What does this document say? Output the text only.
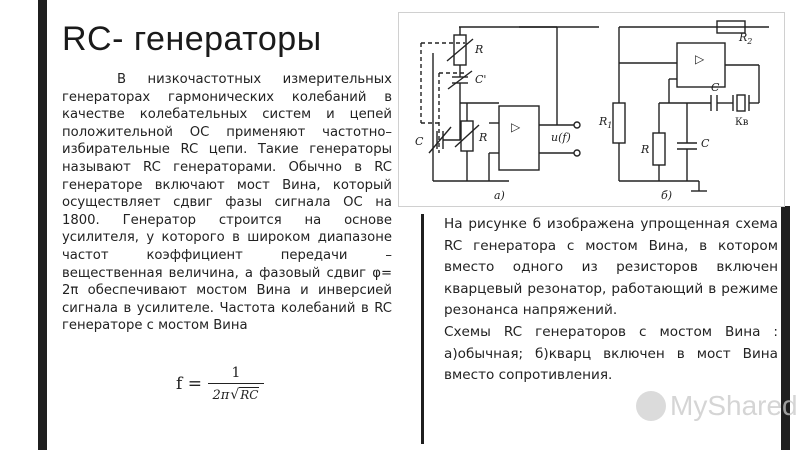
RC- генераторы
В низкочастотных измерительных генераторах гармонических колебаний в качестве колебательных систем и цепей положительной ОС применяют частотно– избирательные RC цепи. Такие генераторы называют RC генераторами. Обычно в RC генераторе включают мост Вина, который осуществляет сдвиг фазы сигнала ОС на 1800. Генератор строится на основе усилителя, у которого в широком диапазоне частот коэффициент передачи – вещественная величина, а фазовый сдвиг φ= 2π обеспечивают мостом Вина и инверсией сигнала в усилителе. Частота колебаний в RC генераторе с мостом Вина
$f = \frac{1}{2\pi √ RC}$
R
C'
R
C	u(f)
а)
$R_1$
$R_2$
R	C
C
Кв
б)
▷
▷

На рисунке б изображена упрощенная схема RC генератора с мостом Вина, в котором вместо одного из резисторов включен кварцевый резонатор, работающий в режиме резонанса напряжений.

Схемы RC генераторов с мостом Вина : а)обычная; б)кварц включен в мост Вина вместо сопротивления.

MyShared
